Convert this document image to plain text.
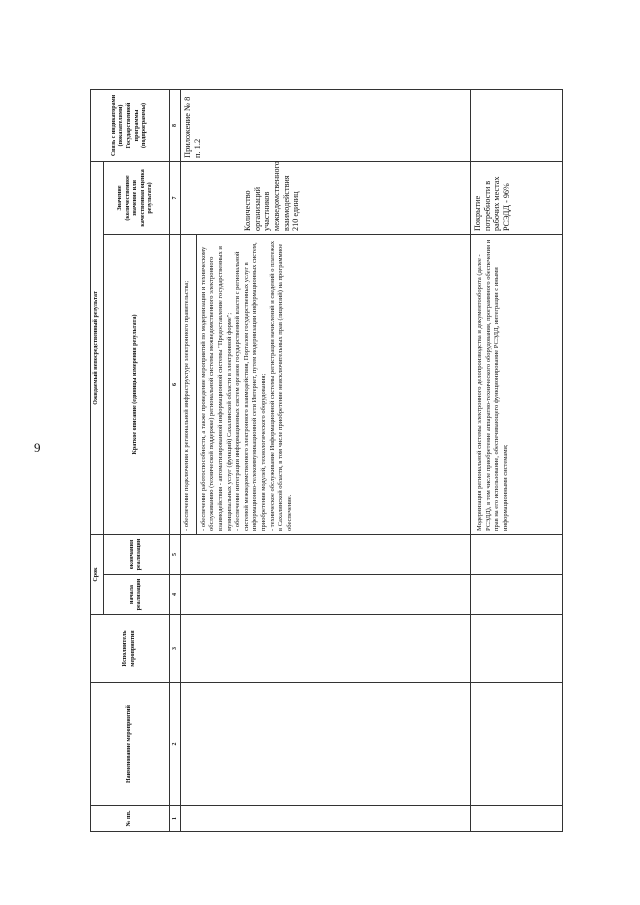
9
№ пп.	Наименование мероприятий	Исполнитель мероприятия	Срок		Ожидаемый непосредственный результат		Связь с индикаторами (показателями) Государственной программы (подпрограммы)
			начала реализации	окончания реализации	Краткое описание (единицы измерения результата)	Значение (количественное значение или качественная оценка результата)	
1	2	3	4	5	6	7	8

					- обеспечение подключения к региональной инфраструктуре электронного правительства; - обеспечение работоспособности, а также проведение мероприятий по модернизации и техническому обслуживанию (технической поддержке) региональной системы межведомственного электронного взаимодействия - автоматизированной информационной системы "Предоставление государственных и муниципальных услуг (функций) Сахалинской области в электронной форме"; - обеспечение интеграции информационных систем органов государственной власти с региональной системой межведомственного электронного взаимодействия, Порталом государственных услуг в информационно-телекоммуникационной сети Интернет, путем модернизации информационных систем, приобретения модулей, технологического оборудования; - техническое обслуживание Информационной системы регистрации начислений и сведений о платежах в Сахалинской области, в том числе приобретение неисключительных прав (лицензий) на программное обеспечение.	Количество организаций участников межведомственного взаимодействия 210 единиц	Приложение № 8 п. 1.2

					Модернизация региональной системы электронного делопроизводства и документооборота (далее - РСЭДД), в том числе приобретение аппаратно-технического оборудования, программного обеспечения и прав на его использование, обеспечивающего функционирование РСЭДД, интеграции с иными информационными системами;	Покрытие потребности в рабочих местах РСЭДД - 96%	
